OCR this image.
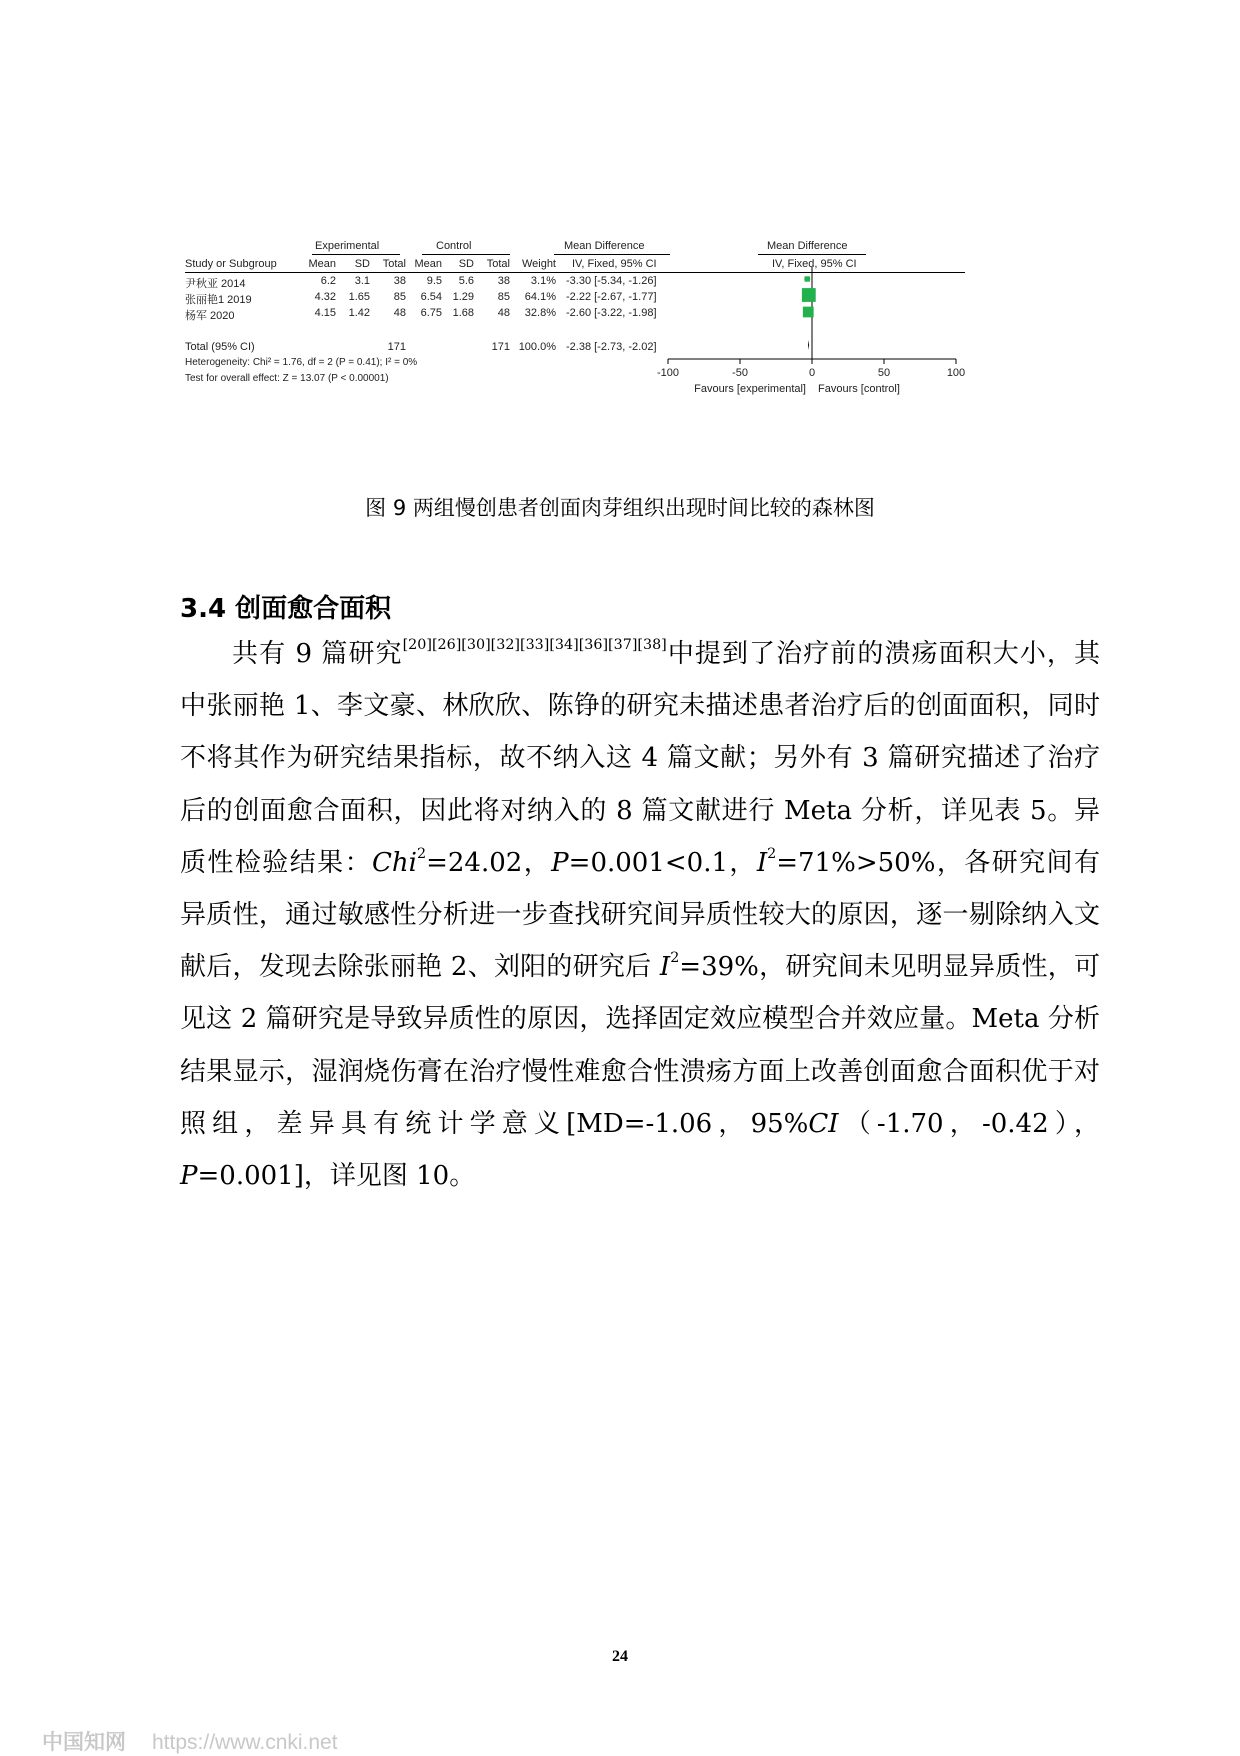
Experimental	Control	Mean Difference	Mean Difference
Study or Subgroup	Mean	SD	Total Mean	SD	Total	Weight IV, Fixed, 95% CI	IV, Fixed, 95% CI
尹秋亚 2014	6.2	3.1	38	9.5	5.6	38	3.1% -3.30 [-5.34, -1.26]
张丽艳1 2019	4.32	1.65	85	6.54 1.29	85	64.1% -2.22 [-2.67, -1.77]
杨军 2020	4.15	1.42	48	6.75 1.68	48	32.8% -2.60 [-3.22, -1.98]
Total (95% CI)	171	171 100.0% -2.38 [-2.73, -2.02]
Heterogeneity: Chi² = 1.76, df = 2 (P = 0.41); I² = 0%
Test for overall effect: Z = 13.07 (P < 0.00001)	-100	-50	0	50	100
Favours [experimental] Favours [control]
图 9 两组慢创患者创面肉芽组织出现时间比较的森林图
3.4 创面愈合面积

共有 9 篇研究[20][26][30][32][33][34][36][37][38]中提到了治疗前的溃疡面积大小，其中张丽艳 1、李文豪、林欣欣、陈铮的研究未描述患者治疗后的创面面积，同时不将其作为研究结果指标，故不纳入这 4 篇文献；另外有 3 篇研究描述了治疗后的创面愈合面积，因此将对纳入的 8 篇文献进行 Meta 分析，详见表 5。异质性检验结果：Chi$^2$=24.02，P=0.001<0.1，$I^2=71\%>50\%$，各研究间有异质性，通过敏感性分析进一步查找研究间异质性较大的原因，逐一剔除纳入文献后，发现去除张丽艳 2、刘阳的研究后 $I^2=39\%$，研究间未见明显异质性，可见这 2 篇研究是导致异质性的原因，选择固定效应模型合并效应量。Meta 分析结果显示，湿润烧伤膏在治疗慢性难愈合性溃疡方面上改善创面愈合面积优于对照组，差异具有统计学意义[MD=-1.06，95%CI（-1.70，-0.42），P=0.001]，详见图 10。

24
中国知网 https://www.cnki.net
